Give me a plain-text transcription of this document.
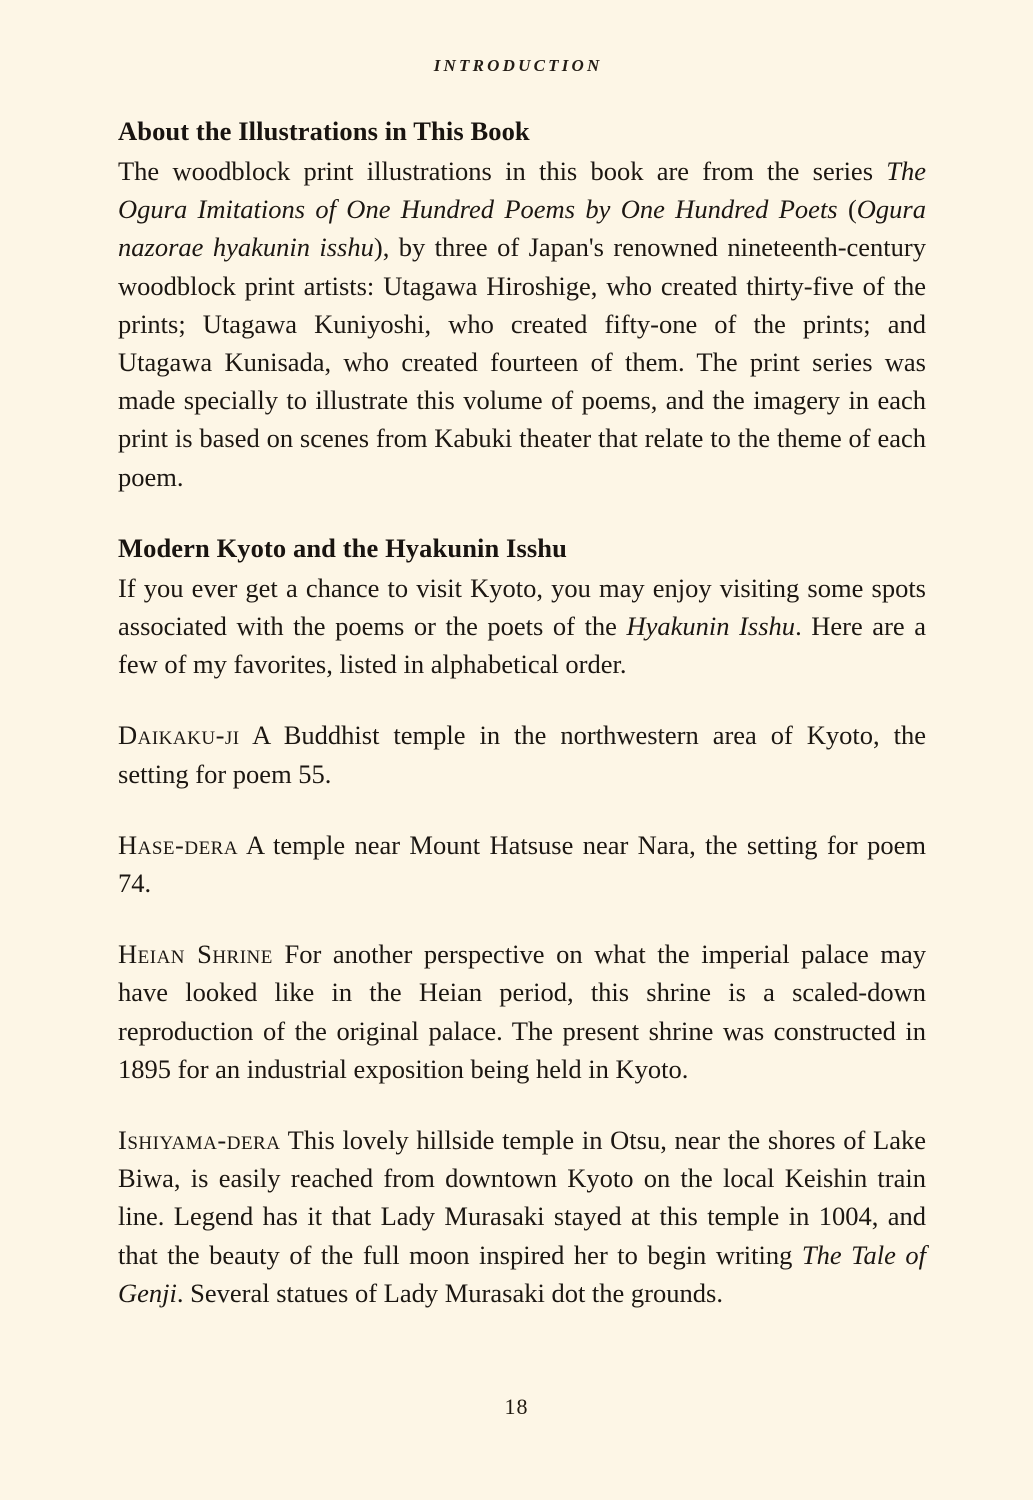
INTRODUCTION
About the Illustrations in This Book

The woodblock print illustrations in this book are from the series The Ogura Imitations of One Hundred Poems by One Hundred Poets (Ogura nazorae hyakunin isshu), by three of Japan's renowned nineteenth-century woodblock print artists: Utagawa Hiroshige, who created thirty-five of the prints; Utagawa Kuniyoshi, who created fifty-one of the prints; and Utagawa Kunisada, who created fourteen of them. The print series was made specially to illustrate this volume of poems, and the imagery in each print is based on scenes from Kabuki theater that relate to the theme of each poem.

Modern Kyoto and the Hyakunin Isshu

If you ever get a chance to visit Kyoto, you may enjoy visiting some spots associated with the poems or the poets of the Hyakunin Isshu. Here are a few of my favorites, listed in alphabetical order.

Daikaku-ji A Buddhist temple in the northwestern area of Kyoto, the setting for poem 55.

Hase-dera A temple near Mount Hatsuse near Nara, the setting for poem 74.

Heian Shrine For another perspective on what the imperial palace may have looked like in the Heian period, this shrine is a scaled-down reproduction of the original palace. The present shrine was constructed in 1895 for an industrial exposition being held in Kyoto.

Ishiyama-dera This lovely hillside temple in Otsu, near the shores of Lake Biwa, is easily reached from downtown Kyoto on the local Keishin train line. Legend has it that Lady Murasaki stayed at this temple in 1004, and that the beauty of the full moon inspired her to begin writing The Tale of Genji. Several statues of Lady Murasaki dot the grounds.

18
